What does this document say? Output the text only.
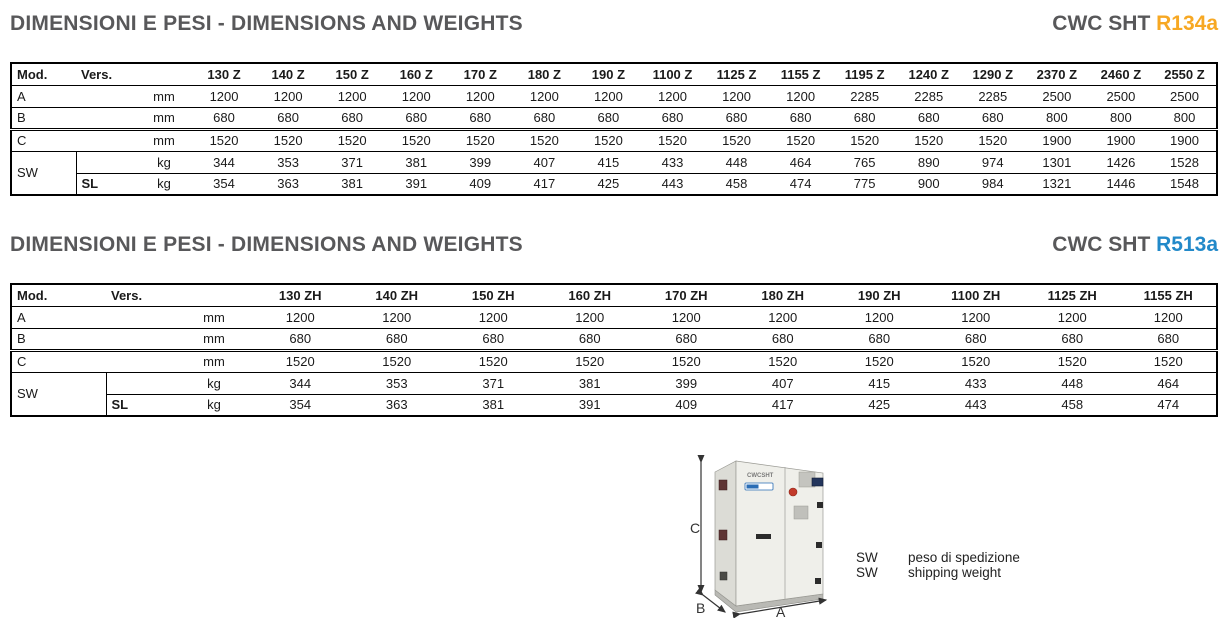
DIMENSIONI E PESI - DIMENSIONS AND WEIGHTS	CWC SHT R134a
Mod.	Vers.		130 Z	140 Z	150 Z	160 Z	170 Z	180 Z	190 Z	1100 Z	1125 Z	1155 Z	1195 Z	1240 Z	1290 Z	2370 Z	2460 Z	2550 Z
A		mm	1200	1200	1200	1200	1200	1200	1200	1200	1200	1200	2285	2285	2285	2500	2500	2500
B		mm	680	680	680	680	680	680	680	680	680	680	680	680	680	800	800	800
C		mm	1520	1520	1520	1520	1520	1520	1520	1520	1520	1520	1520	1520	1520	1900	1900	1900
SW		kg	344	353	371	381	399	407	415	433	448	464	765	890	974	1301	1426	1528
	SL	kg	354	363	381	391	409	417	425	443	458	474	775	900	984	1321	1446	1548
DIMENSIONI E PESI - DIMENSIONS AND WEIGHTS	CWC SHT R513a
Mod.	Vers.		130 ZH	140 ZH	150 ZH	160 ZH	170 ZH	180 ZH	190 ZH	1100 ZH	1125 ZH	1155 ZH
A		mm	1200	1200	1200	1200	1200	1200	1200	1200	1200	1200
B		mm	680	680	680	680	680	680	680	680	680	680
C		mm	1520	1520	1520	1520	1520	1520	1520	1520	1520	1520
SW		kg	344	353	371	381	399	407	415	433	448	464
	SL	kg	354	363	381	391	409	417	425	443	458	474
CWCSHT
C
B	A
SW	peso di spedizione
SW	shipping weight
